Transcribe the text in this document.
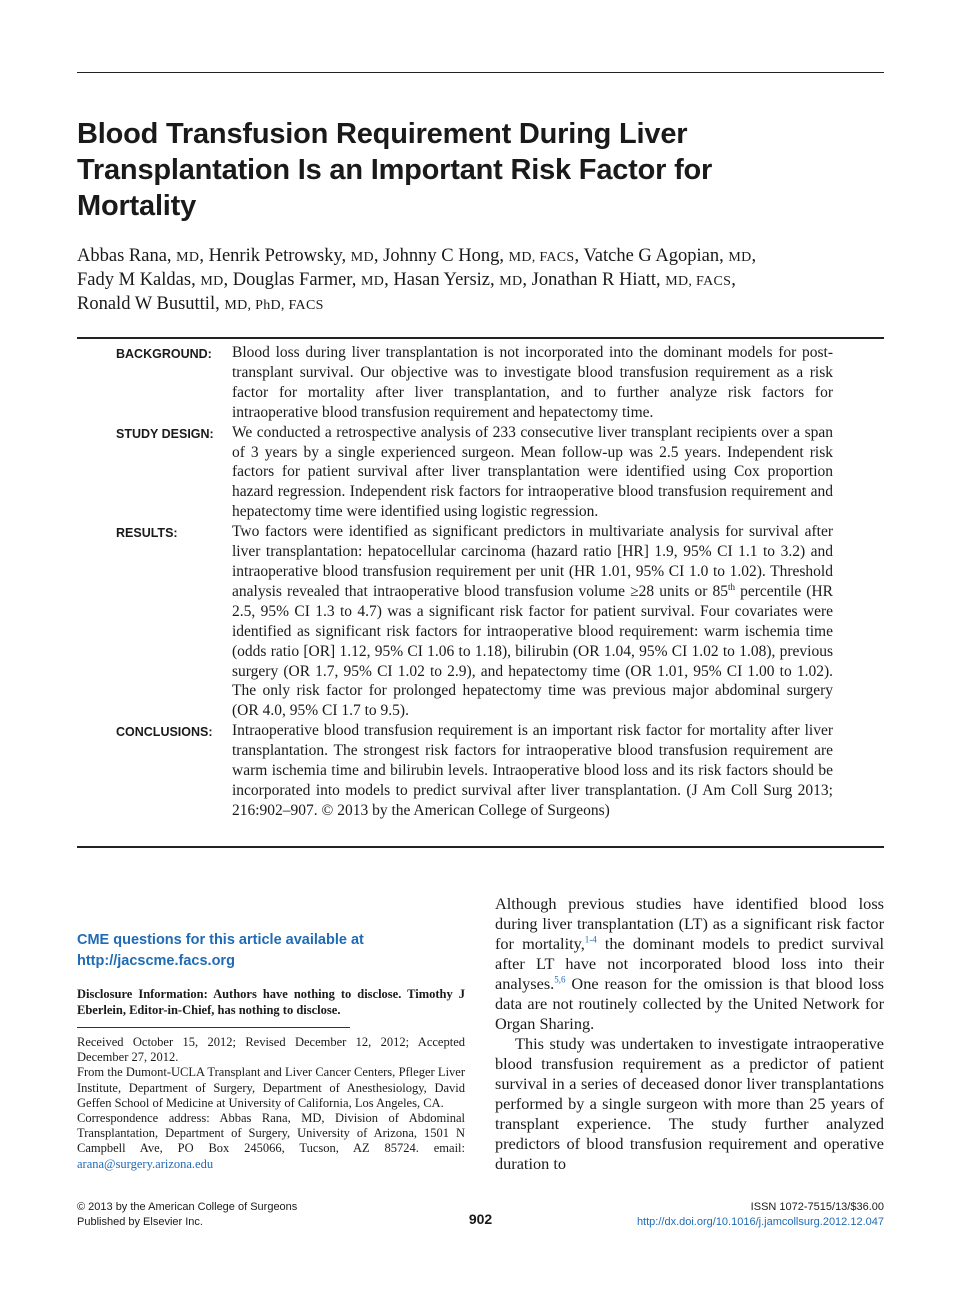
Blood Transfusion Requirement During Liver Transplantation Is an Important Risk Factor for Mortality

Abbas Rana, MD, Henrik Petrowsky, MD, Johnny C Hong, MD, FACS, Vatche G Agopian, MD,
Fady M Kaldas, MD, Douglas Farmer, MD, Hasan Yersiz, MD, Jonathan R Hiatt, MD, FACS,
Ronald W Busuttil, MD, PhD, FACS

BACKGROUND:	Blood loss during liver transplantation is not incorporated into the dominant models for post-transplant survival. Our objective was to investigate blood transfusion requirement as a risk factor for mortality after liver transplantation, and to further analyze risk factors for intraoperative blood transfusion requirement and hepatectomy time.
STUDY DESIGN:	We conducted a retrospective analysis of 233 consecutive liver transplant recipients over a span of 3 years by a single experienced surgeon. Mean follow-up was 2.5 years. Independent risk factors for patient survival after liver transplantation were identified using Cox proportion hazard regression. Independent risk factors for intraoperative blood transfusion requirement and hepatectomy time were identified using logistic regression.
RESULTS:	Two factors were identified as significant predictors in multivariate analysis for survival after liver transplantation: hepatocellular carcinoma (hazard ratio [HR] 1.9, 95% CI 1.1 to 3.2) and intraoperative blood transfusion requirement per unit (HR 1.01, 95% CI 1.0 to 1.02). Threshold analysis revealed that intraoperative blood transfusion volume ≥28 units or 85th percentile (HR 2.5, 95% CI 1.3 to 4.7) was a significant risk factor for patient survival. Four covariates were identified as significant risk factors for intraoperative blood requirement: warm ischemia time (odds ratio [OR] 1.12, 95% CI 1.06 to 1.18), bilirubin (OR 1.04, 95% CI 1.02 to 1.08), previous surgery (OR 1.7, 95% CI 1.02 to 2.9), and hepatectomy time (OR 1.01, 95% CI 1.00 to 1.02). The only risk factor for prolonged hepatectomy time was previous major abdominal surgery (OR 4.0, 95% CI 1.7 to 9.5).
CONCLUSIONS:	Intraoperative blood transfusion requirement is an important risk factor for mortality after liver transplantation. The strongest risk factors for intraoperative blood transfusion requirement are warm ischemia time and bilirubin levels. Intraoperative blood loss and its risk factors should be incorporated into models to predict survival after liver transplantation. (J Am Coll Surg 2013; 216:902–907. © 2013 by the American College of Surgeons)
CME questions for this article available at
http://jacscme.facs.org
Disclosure Information: Authors have nothing to disclose. Timothy J Eberlein, Editor-in-Chief, has nothing to disclose.

Received October 15, 2012; Revised December 12, 2012; Accepted December 27, 2012.

From the Dumont-UCLA Transplant and Liver Cancer Centers, Pfleger Liver Institute, Department of Surgery, Department of Anesthesiology, David Geffen School of Medicine at University of California, Los Angeles, CA.

Correspondence address: Abbas Rana, MD, Division of Abdominal Transplantation, Department of Surgery, University of Arizona, 1501 N Campbell Ave, PO Box 245066, Tucson, AZ 85724. email: arana@surgery.arizona.edu

Although previous studies have identified blood loss during liver transplantation (LT) as a significant risk factor for mortality,$^{1-4}$ the dominant models to predict survival after LT have not incorporated blood loss into their analyses.$^{5,6}$ One reason for the omission is that blood loss data are not routinely collected by the United Network for Organ Sharing.

This study was undertaken to investigate intraoperative blood transfusion requirement as a predictor of patient survival in a series of deceased donor liver transplantations performed by a single surgeon with more than 25 years of transplant experience. The study further analyzed predictors of blood transfusion requirement and operative duration to

© 2013 by the American College of Surgeons
Published by Elsevier Inc.	902
ISSN 1072-7515/13/$36.00
http://dx.doi.org/10.1016/j.jamcollsurg.2012.12.047
